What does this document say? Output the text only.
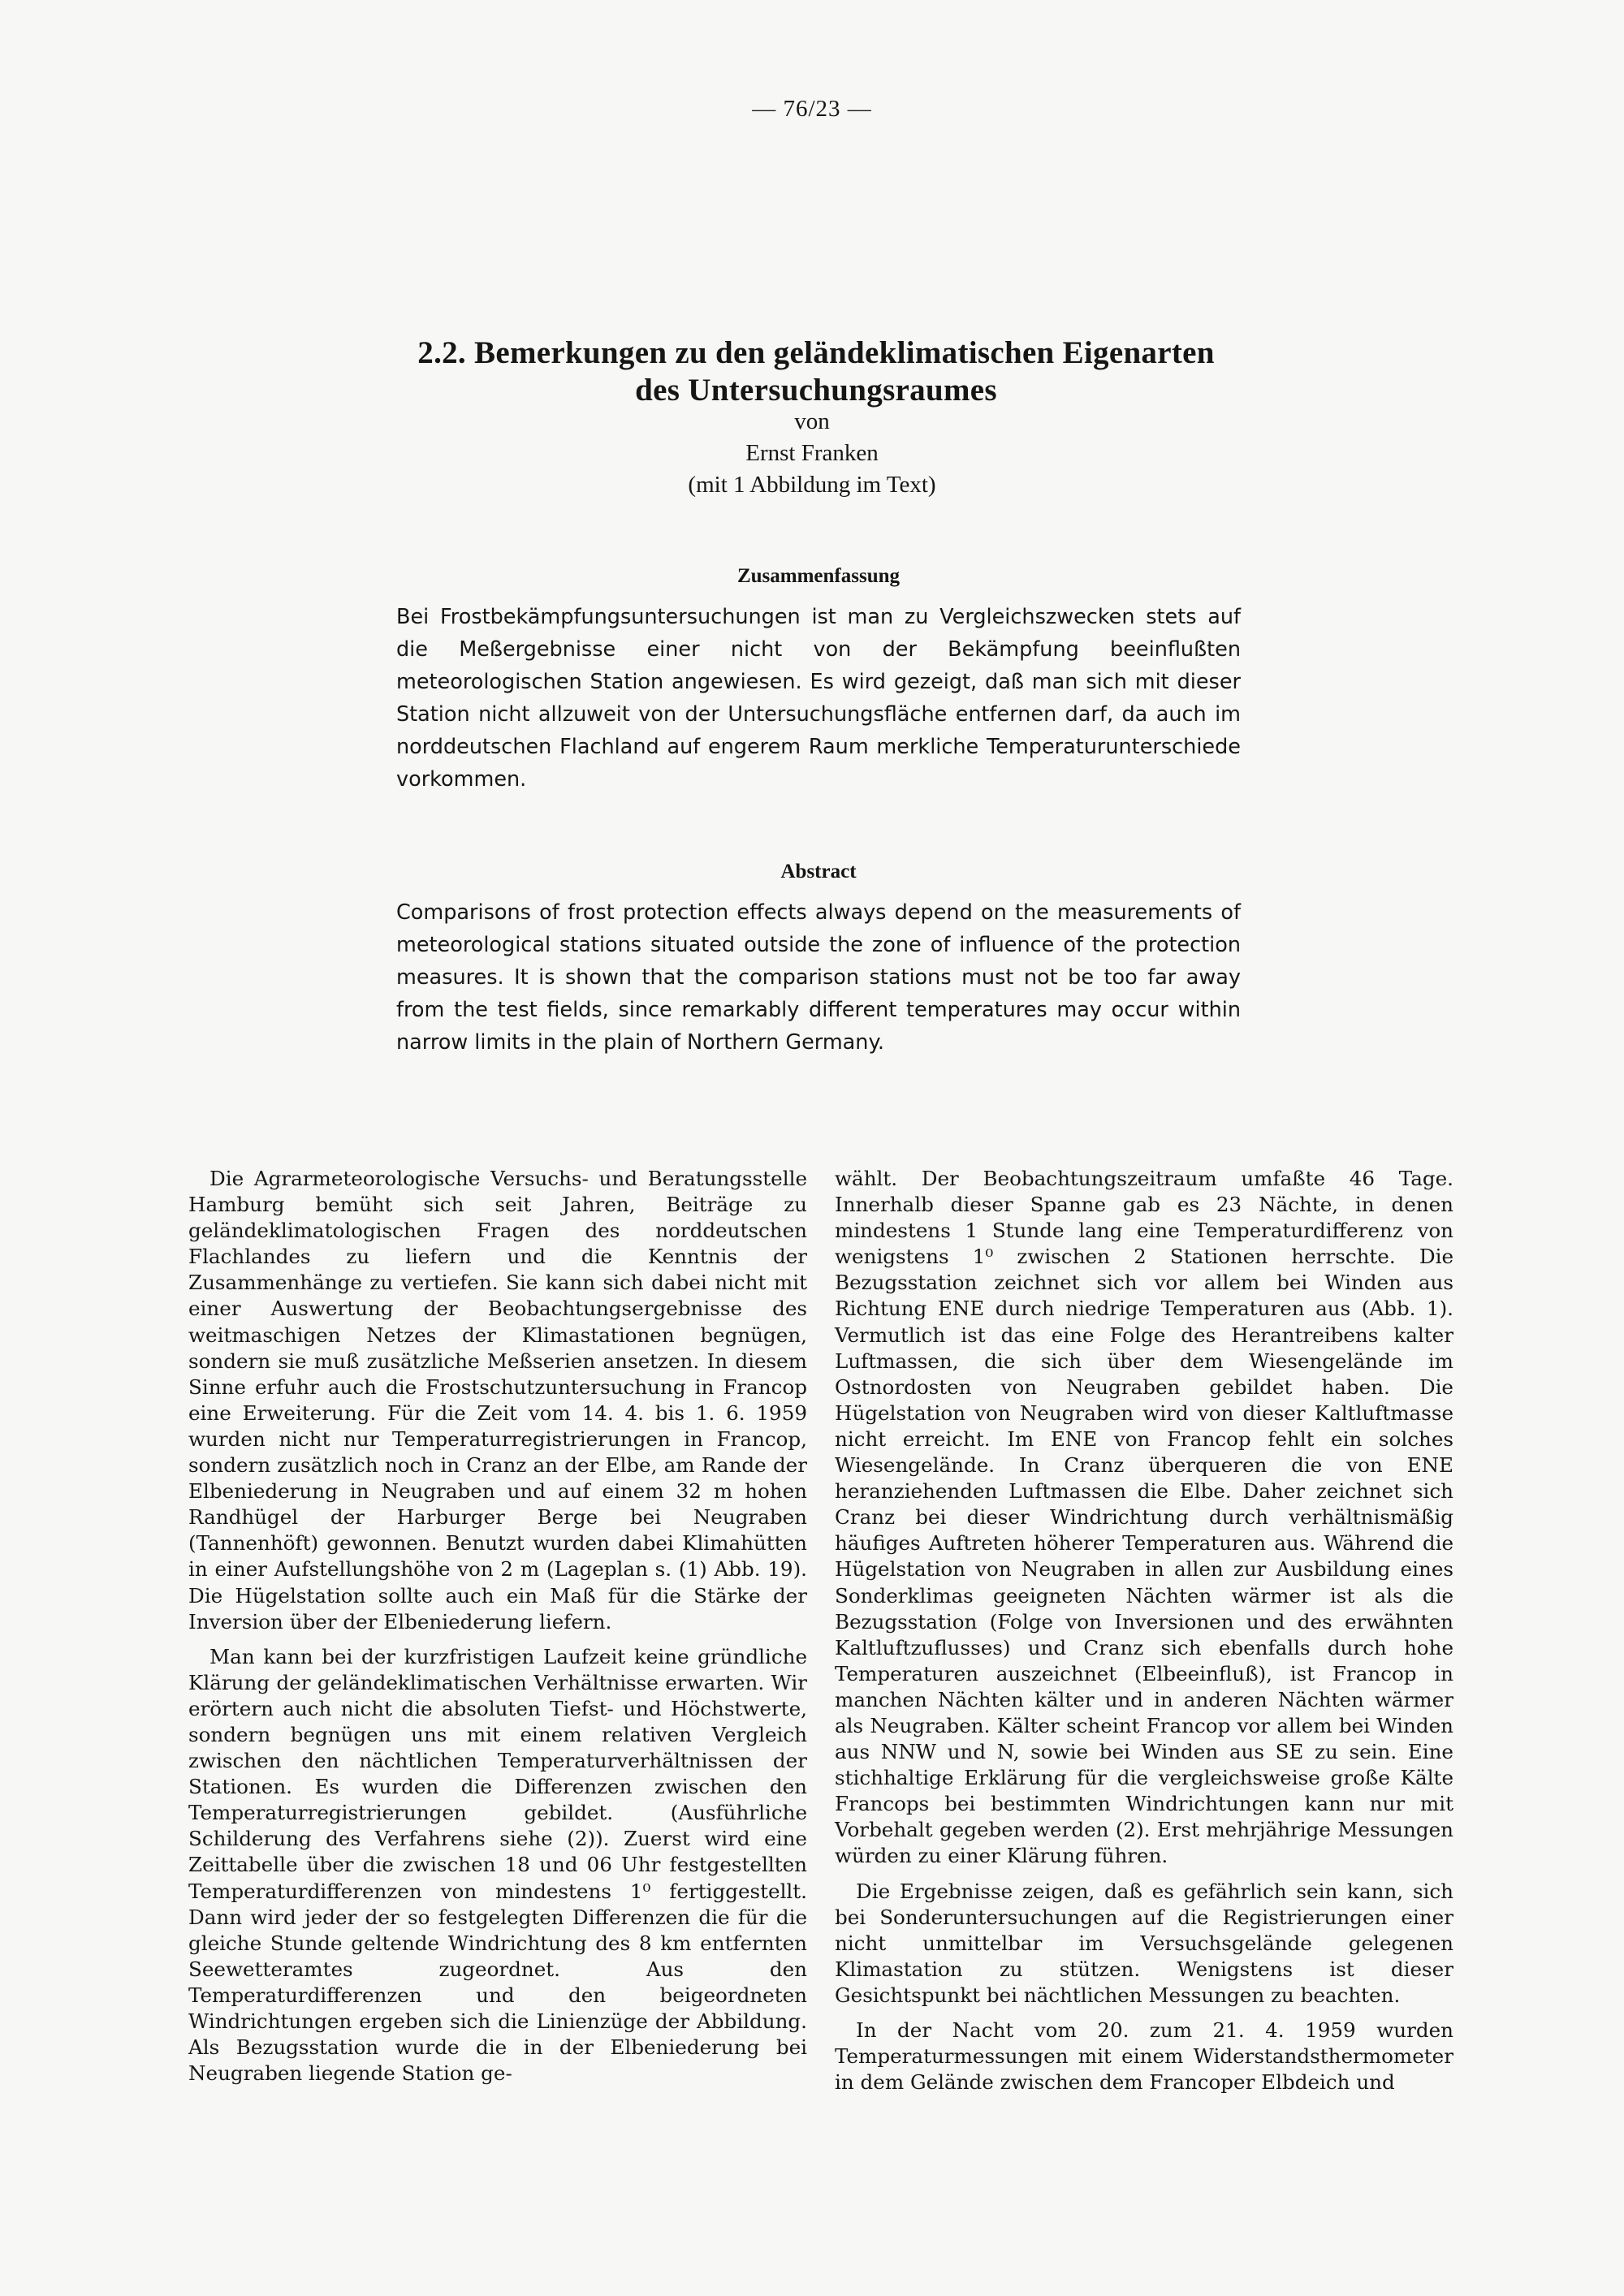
— 76/23 —
2.2. Bemerkungen zu den geländeklimatischen Eigenarten
des Untersuchungsraumes
von
Ernst Franken
(mit 1 Abbildung im Text)
Zusammenfassung

Bei Frostbekämpfungsuntersuchungen ist man zu Vergleichszwecken stets auf die Meßergebnisse einer nicht von der Bekämpfung beeinflußten meteorologischen Station angewiesen. Es wird gezeigt, daß man sich mit dieser Station nicht allzuweit von der Untersuchungsfläche entfernen darf, da auch im norddeutschen Flachland auf engerem Raum merkliche Temperaturunterschiede vorkommen.

Abstract

Comparisons of frost protection effects always depend on the measurements of meteorological stations situated outside the zone of influence of the protection measures. It is shown that the comparison stations must not be too far away from the test fields, since remarkably different temperatures may occur within narrow limits in the plain of Northern Germany.

Die Agrarmeteorologische Versuchs- und Beratungsstelle Hamburg bemüht sich seit Jahren, Beiträge zu geländeklimatologischen Fragen des norddeutschen Flachlandes zu liefern und die Kenntnis der Zusammenhänge zu vertiefen. Sie kann sich dabei nicht mit einer Auswertung der Beobachtungsergebnisse des weitmaschigen Netzes der Klimastationen begnügen, sondern sie muß zusätzliche Meßserien ansetzen. In diesem Sinne erfuhr auch die Frostschutzuntersuchung in Francop eine Erweiterung. Für die Zeit vom 14. 4. bis 1. 6. 1959 wurden nicht nur Temperaturregistrierungen in Francop, sondern zusätzlich noch in Cranz an der Elbe, am Rande der Elbeniederung in Neugraben und auf einem 32 m hohen Randhügel der Harburger Berge bei Neugraben (Tannenhöft) gewonnen. Benutzt wurden dabei Klimahütten in einer Aufstellungshöhe von 2 m (Lageplan s. (1) Abb. 19). Die Hügelstation sollte auch ein Maß für die Stärke der Inversion über der Elbeniederung liefern.

Man kann bei der kurzfristigen Laufzeit keine gründliche Klärung der geländeklimatischen Verhältnisse erwarten. Wir erörtern auch nicht die absoluten Tiefst- und Höchstwerte, sondern begnügen uns mit einem relativen Vergleich zwischen den nächtlichen Temperaturverhältnissen der Stationen. Es wurden die Differenzen zwischen den Temperaturregistrierungen gebildet. (Ausführliche Schilderung des Verfahrens siehe (2)). Zuerst wird eine Zeittabelle über die zwischen 18 und 06 Uhr festgestellten Temperaturdifferenzen von mindestens 1⁰ fertiggestellt. Dann wird jeder der so festgelegten Differenzen die für die gleiche Stunde geltende Windrichtung des 8 km entfernten Seewetteramtes zugeordnet. Aus den Temperaturdifferenzen und den beigeordneten Windrichtungen ergeben sich die Linienzüge der Abbildung. Als Bezugsstation wurde die in der Elbeniederung bei Neugraben liegende Station ge-

wählt. Der Beobachtungszeitraum umfaßte 46 Tage. Innerhalb dieser Spanne gab es 23 Nächte, in denen mindestens 1 Stunde lang eine Temperaturdifferenz von wenigstens 1⁰ zwischen 2 Stationen herrschte. Die Bezugsstation zeichnet sich vor allem bei Winden aus Richtung ENE durch niedrige Temperaturen aus (Abb. 1). Vermutlich ist das eine Folge des Herantreibens kalter Luftmassen, die sich über dem Wiesengelände im Ostnordosten von Neugraben gebildet haben. Die Hügelstation von Neugraben wird von dieser Kaltluftmasse nicht erreicht. Im ENE von Francop fehlt ein solches Wiesengelände. In Cranz überqueren die von ENE heranziehenden Luftmassen die Elbe. Daher zeichnet sich Cranz bei dieser Windrichtung durch verhältnismäßig häufiges Auftreten höherer Temperaturen aus. Während die Hügelstation von Neugraben in allen zur Ausbildung eines Sonderklimas geeigneten Nächten wärmer ist als die Bezugsstation (Folge von Inversionen und des erwähnten Kaltluftzuflusses) und Cranz sich ebenfalls durch hohe Temperaturen auszeichnet (Elbeeinfluß), ist Francop in manchen Nächten kälter und in anderen Nächten wärmer als Neugraben. Kälter scheint Francop vor allem bei Winden aus NNW und N, sowie bei Winden aus SE zu sein. Eine stichhaltige Erklärung für die vergleichsweise große Kälte Francops bei bestimmten Windrichtungen kann nur mit Vorbehalt gegeben werden (2). Erst mehrjährige Messungen würden zu einer Klärung führen.

Die Ergebnisse zeigen, daß es gefährlich sein kann, sich bei Sonderuntersuchungen auf die Registrierungen einer nicht unmittelbar im Versuchsgelände gelegenen Klimastation zu stützen. Wenigstens ist dieser Gesichtspunkt bei nächtlichen Messungen zu beachten.

In der Nacht vom 20. zum 21. 4. 1959 wurden Temperaturmessungen mit einem Widerstandsthermometer in dem Gelände zwischen dem Francoper Elbdeich und
